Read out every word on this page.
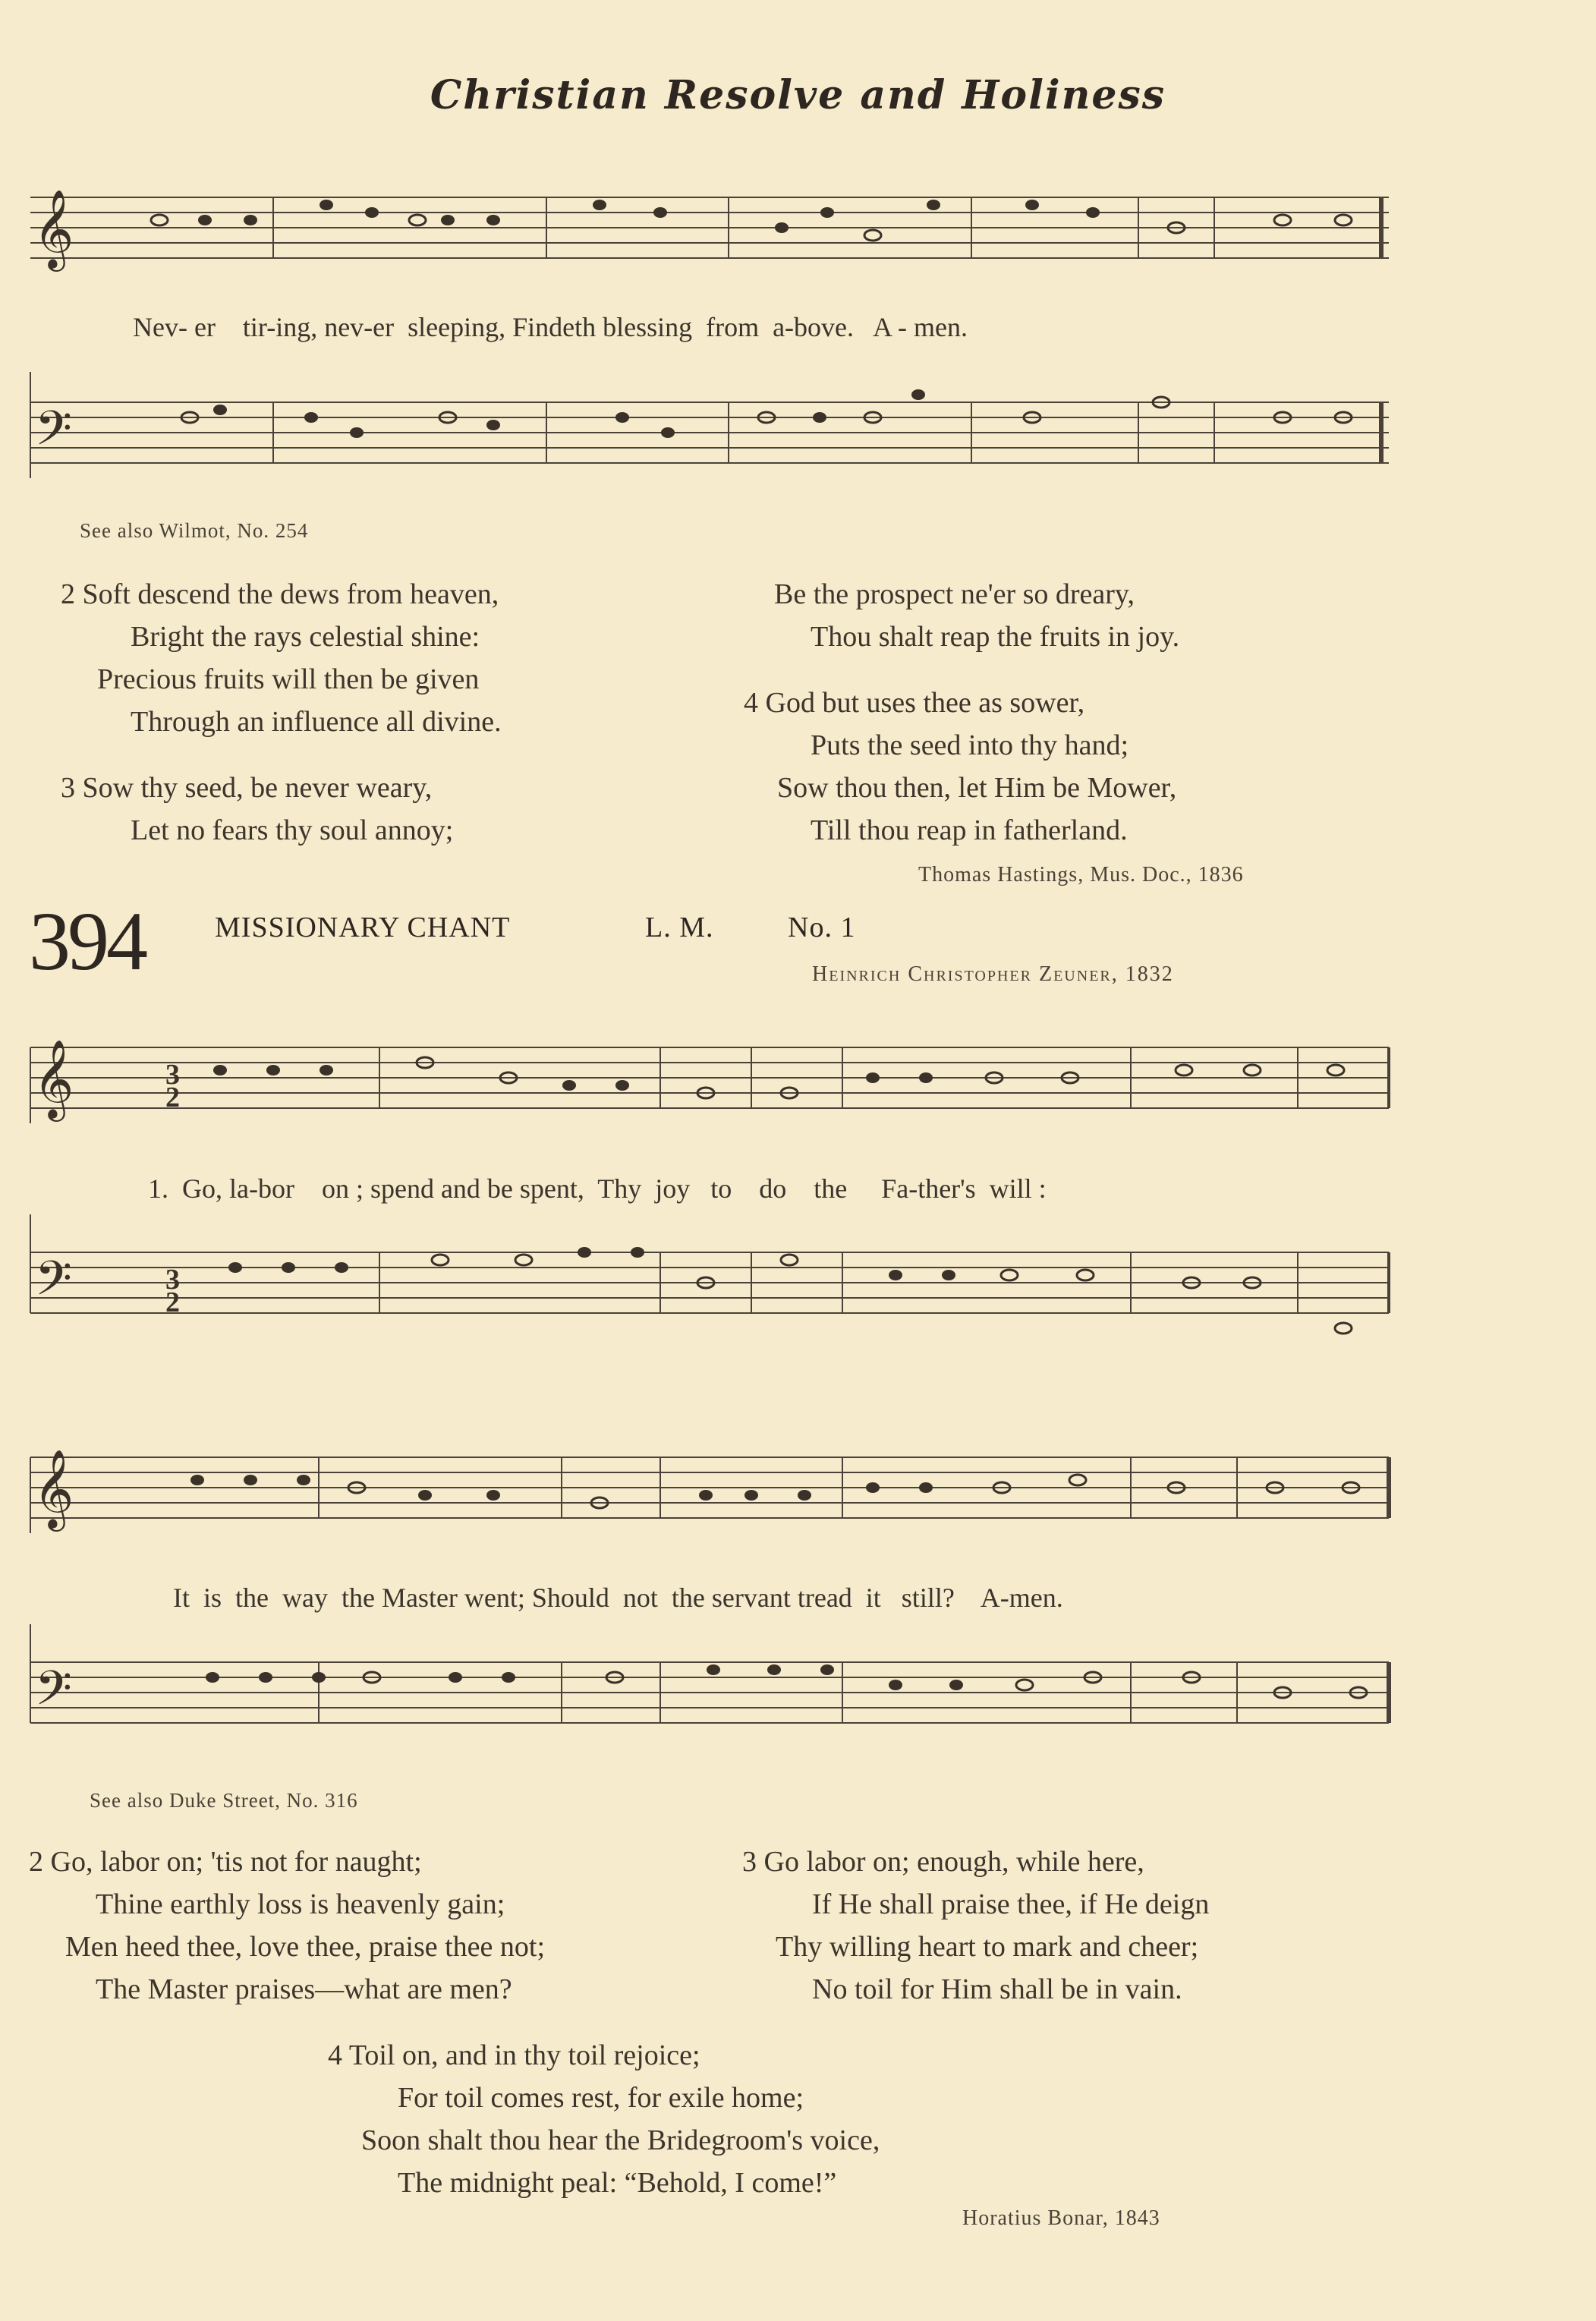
Christian Resolve and Holiness
𝄞
Nev- er    tir-ing, nev-er  sleeping, Findeth blessing  from  a-bove.   A - men.
𝄢
See also Wilmot, No. 254
2 Soft descend the dews from heaven,
Bright the rays celestial shine:
Precious fruits will then be given
Through an influence all divine.
3 Sow thy seed, be never weary,
Let no fears thy soul annoy;
Be the prospect ne'er so dreary,
Thou shalt reap the fruits in joy.
4 God but uses thee as sower,
Puts the seed into thy hand;
Sow thou then, let Him be Mower,
Till thou reap in fatherland.
Thomas Hastings, Mus. Doc., 1836
394 MISSIONARY CHANT	L. M.	No. 1
Heinrich Christopher Zeuner, 1832
𝄞	3
2
1.  Go, la-bor    on ; spend and be spent,  Thy  joy   to    do    the     Fa-ther's  will :
𝄢	3
2
𝄞
It  is  the  way  the Master went; Should  not  the servant tread  it   still?    A-men.
𝄢
See also Duke Street, No. 316
2 Go, labor on; 'tis not for naught;
Thine earthly loss is heavenly gain;
Men heed thee, love thee, praise thee not;
The Master praises—what are men?
3 Go labor on; enough, while here,
If He shall praise thee, if He deign
Thy willing heart to mark and cheer;
No toil for Him shall be in vain.
4 Toil on, and in thy toil rejoice;
For toil comes rest, for exile home;
Soon shalt thou hear the Bridegroom's voice,
The midnight peal: “Behold, I come!”
Horatius Bonar, 1843
